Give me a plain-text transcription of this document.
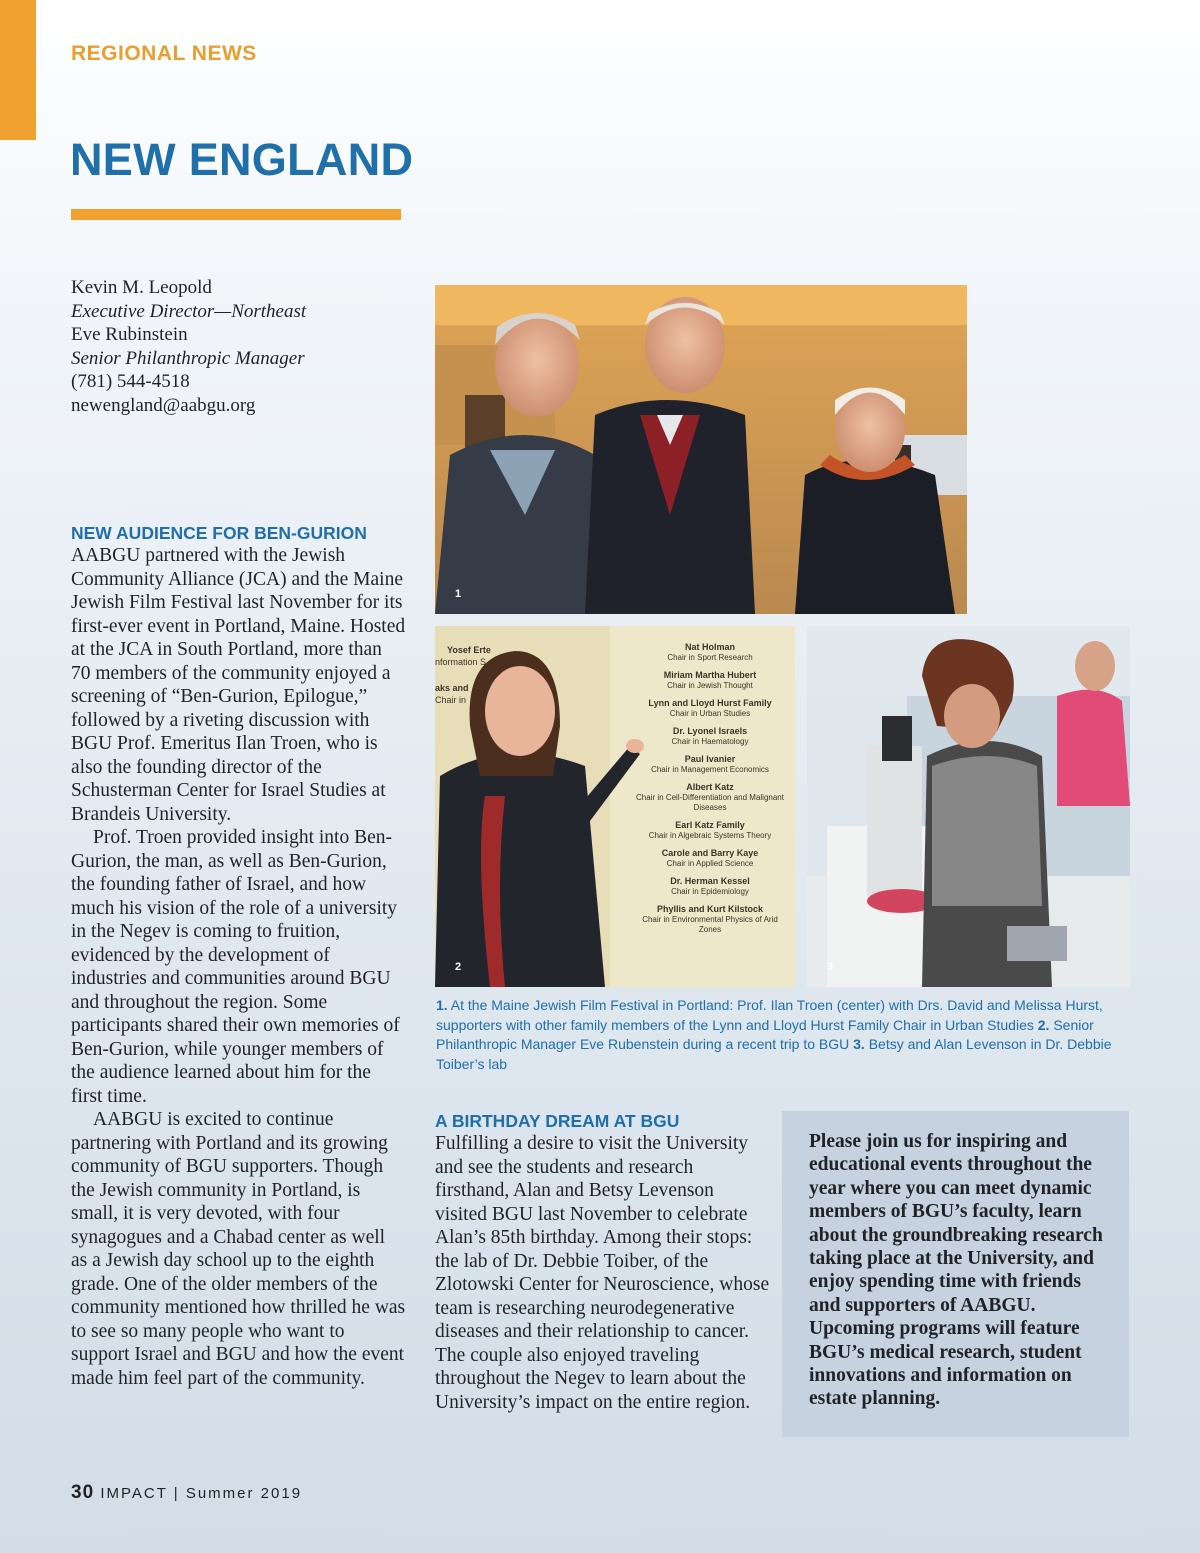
REGIONAL NEWS
NEW ENGLAND
Kevin M. Leopold
Executive Director—Northeast
Eve Rubinstein
Senior Philanthropic Manager
(781) 544-4518
newengland@aabgu.org
NEW AUDIENCE FOR BEN-GURION

AABGU partnered with the Jewish Community Alliance (JCA) and the Maine Jewish Film Festival last November for its first-ever event in Portland, Maine. Hosted at the JCA in South Portland, more than 70 members of the community enjoyed a screening of “Ben-Gurion, Epilogue,” followed by a riveting discussion with BGU Prof. Emeritus Ilan Troen, who is also the founding director of the Schusterman Center for Israel Studies at Brandeis University.

Prof. Troen provided insight into Ben-Gurion, the man, as well as Ben-Gurion, the founding father of Israel, and how much his vision of the role of a university in the Negev is coming to fruition, evidenced by the development of industries and communities around BGU and throughout the region. Some participants shared their own memories of Ben-Gurion, while younger members of the audience learned about him for the first time.

AABGU is excited to continue partnering with Portland and its growing community of BGU supporters. Though the Jewish community in Portland, is small, it is very devoted, with four synagogues and a Chabad center as well as a Jewish day school up to the eighth grade. One of the older members of the community mentioned how thrilled he was to see so many people who want to support Israel and BGU and how the event made him feel part of the community.

1
Yosef Erte
nformation S
aks and
Chair in
Nat Holman
Chair in Sport Research
Miriam Martha Hubert
Chair in Jewish Thought
Lynn and Lloyd Hurst Family
Chair in Urban Studies
Dr. Lyonel Israels
Chair in Haematology
Paul Ivanier
Chair in Management Economics
Albert Katz
Chair in Cell-Differentiation and Malignant Diseases
Earl Katz Family
Chair in Algebraic Systems Theory
Carole and Barry Kaye
Chair in Applied Science
Dr. Herman Kessel
Chair in Epidemiology
Phyllis and Kurt Kilstock
Chair in Environmental Physics of Arid Zones
2	3
1. At the Maine Jewish Film Festival in Portland: Prof. Ilan Troen (center) with Drs. David and Melissa Hurst, supporters with other family members of the Lynn and Lloyd Hurst Family Chair in Urban Studies 2. Senior Philanthropic Manager Eve Rubenstein during a recent trip to BGU 3. Betsy and Alan Levenson in Dr. Debbie Toiber’s lab
A BIRTHDAY DREAM AT BGU

Fulfilling a desire to visit the University and see the students and research firsthand, Alan and Betsy Levenson visited BGU last November to celebrate Alan’s 85th birthday. Among their stops: the lab of Dr. Debbie Toiber, of the Zlotowski Center for Neuroscience, whose team is researching neurodegenerative diseases and their relationship to cancer. The couple also enjoyed traveling throughout the Negev to learn about the University’s impact on the entire region.

Please join us for inspiring and educational events throughout the year where you can meet dynamic members of BGU’s faculty, learn about the groundbreaking research taking place at the University, and enjoy spending time with friends and supporters of AABGU. Upcoming programs will feature BGU’s medical research, student innovations and information on estate planning.

30 IMPACT | Summer 2019
